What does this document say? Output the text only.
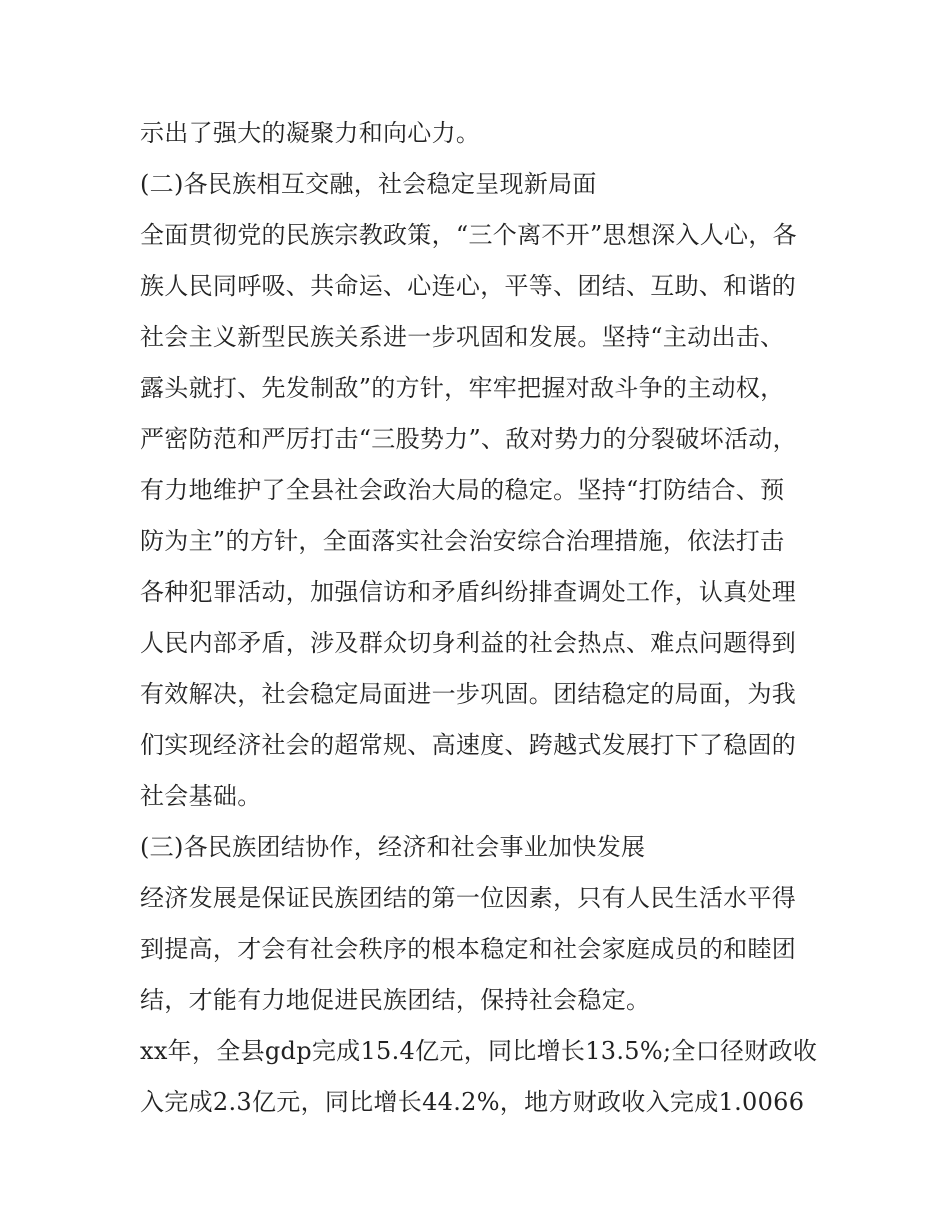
示出了强大的凝聚力和向心力。
(二)各民族相互交融，社会稳定呈现新局面
全面贯彻党的民族宗教政策，“三个离不开”思想深入人心，各
族人民同呼吸、共命运、心连心，平等、团结、互助、和谐的
社会主义新型民族关系进一步巩固和发展。坚持“主动出击、
露头就打、先发制敌”的方针，牢牢把握对敌斗争的主动权，
严密防范和严厉打击“三股势力”、敌对势力的分裂破坏活动，
有力地维护了全县社会政治大局的稳定。坚持“打防结合、预
防为主”的方针，全面落实社会治安综合治理措施，依法打击
各种犯罪活动，加强信访和矛盾纠纷排查调处工作，认真处理
人民内部矛盾，涉及群众切身利益的社会热点、难点问题得到
有效解决，社会稳定局面进一步巩固。团结稳定的局面，为我
们实现经济社会的超常规、高速度、跨越式发展打下了稳固的
社会基础。
(三)各民族团结协作，经济和社会事业加快发展
经济发展是保证民族团结的第一位因素，只有人民生活水平得
到提高，才会有社会秩序的根本稳定和社会家庭成员的和睦团
结，才能有力地促进民族团结，保持社会稳定。
xx年，全县gdp完成15.4亿元，同比增长13.5%;全口径财政收
入完成2.3亿元，同比增长44.2%，地方财政收入完成1.0066
